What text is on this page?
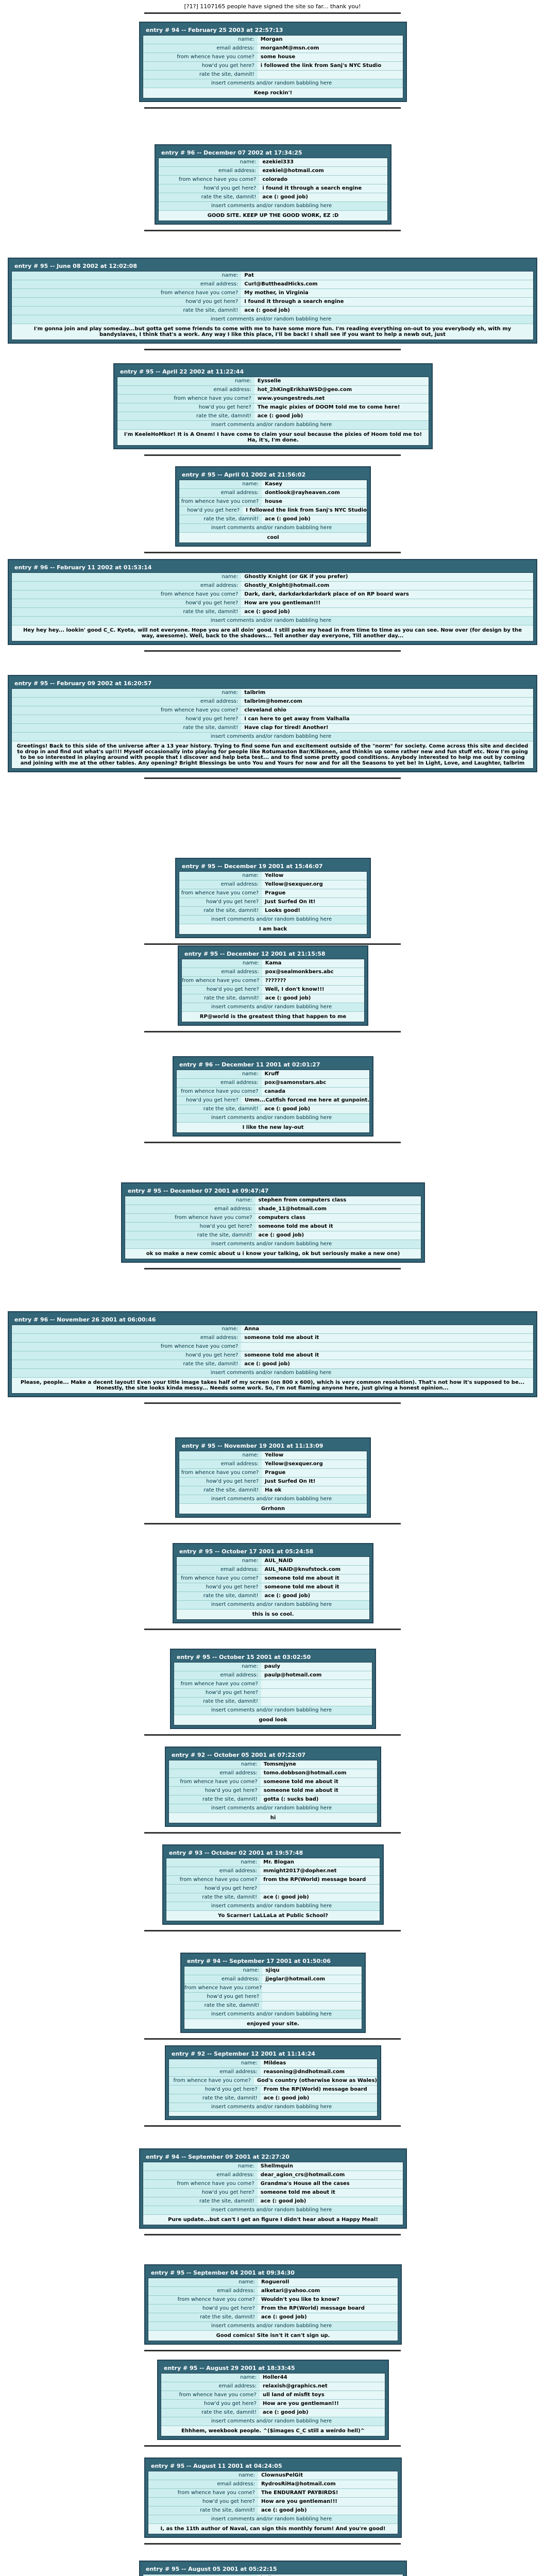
[?1?] 1107165 people have signed the site so far... thank you!
entry # 94 -- February 25 2003 at 22:57:13
name:	Morgan
email address:	morganM@msn.com
from whence have you come?	some house
how'd you get here?	i followed the link from Sanj's NYC Studio
rate the site, damnit!
insert comments and/or random babbling here
Keep rockin'!
entry # 96 -- December 07 2002 at 17:34:25
name:	ezekiel333
email address:	ezekiel@hotmail.com
from whence have you come?	colorado
how'd you get here?	i found it through a search engine
rate the site, damnit!	ace (: good job)
insert comments and/or random babbling here
GOOD SITE. KEEP UP THE GOOD WORK, EZ :D
entry # 95 -- June 08 2002 at 12:02:08
name:	Pat
email address:	Curl@ButtheadHicks.com
from whence have you come?	My mother, in Virginia
how'd you get here?	I found it through a search engine
rate the site, damnit!	ace (: good job)
insert comments and/or random babbling here
I'm gonna join and play someday...but gotta get some friends to come with me to have some more fun. I'm reading everything on-out to you everybody eh, with my bandyslaves, I think that's a work. Any way I like this place, I'll be back! I shall see if you want to help a newb out, just
entry # 95 -- April 22 2002 at 11:22:44
name:	Eysselle
email address:	hot_2hKingErikhaWSD@geo.com
from whence have you come?	www.youngestreds.net
how'd you get here?	The magic pixies of DOOM told me to come here!
rate the site, damnit!	ace (: good job)
insert comments and/or random babbling here
I'm KeeleHoMkor! It is A Onem! I have come to claim your soul because the pixies of Hoom told me to! Ha, it's, I'm done.
entry # 95 -- April 01 2002 at 21:56:02
name:	Kasey
email address:	dontlook@rayheaven.com
from whence have you come?	house
how'd you get here?	I followed the link from Sanj's NYC Studio
rate the site, damnit!	ace (: good job)
insert comments and/or random babbling here
cool
entry # 96 -- February 11 2002 at 01:53:14
name:	Ghostly Knight (or GK if you prefer)
email address:	Ghostly_Knight@hotmail.com
from whence have you come?	Dark, dark, darkdarkdarkdark place of on RP board wars
how'd you get here?	How are you gentleman!!!
rate the site, damnit!	ace (: good job)
insert comments and/or random babbling here
Hey hey hey... lookin' good C_C. Kyota, will not everyone. Hope you are all doin' good. I still poke my head in from time to time as you can see. Now over (for design by the way, awesome). Well, back to the shadows... Tell another day everyone, Till another day...
entry # 95 -- February 09 2002 at 16:20:57
name:	talbrim
email address:	talbrim@homer.com
from whence have you come?	cleveland ohio
how'd you get here?	I can here to get away from Valhalla
rate the site, damnit!	Have clap for tired! Another!
insert comments and/or random babbling here
Greetings! Back to this side of the universe after a 13 year history. Trying to find some fun and excitement outside of the "norm" for society. Come across this site and decided to drop in and find out what's up!!!! Myself occasionally into playing for people like Rotumaston Bar/Kilkonen, and thinkin up some rather new and fun stuff etc. Now I'm going to be so interested in playing around with people that I discover and help beta test... and to find some pretty good conditions. Anybody interested to help me out by coming and joining with me at the other tables. Any opening? Bright Blessings be unto You and Yours for now and for all the Seasons to yet be! In Light, Love, and Laughter, talbrim
entry # 95 -- December 19 2001 at 15:46:07
name:	Yellow
email address:	Yellow@sexquer.org
from whence have you come?	Prague
how'd you get here?	Just Surfed On It!
rate the site, damnit!	Looks good!
insert comments and/or random babbling here
I am back
entry # 95 -- December 12 2001 at 21:15:58
name:	Kama
email address:	pox@sealmonkbers.abc
from whence have you come?	???????
how'd you get here?	Well, I don't know!!!
rate the site, damnit!	ace (: good job)
insert comments and/or random babbling here
RP@world is the greatest thing that happen to me
entry # 96 -- December 11 2001 at 02:01:27
name:	Kruff
email address:	pox@samonstars.abc
from whence have you come?	canada
how'd you get here?	Umm...Catfish forced me here at gunpoint.
rate the site, damnit!	ace (: good job)
insert comments and/or random babbling here
I like the new lay-out
entry # 95 -- December 07 2001 at 09:47:47
name:	stephen from computers class
email address:	shade_11@hotmail.com
from whence have you come?	computers class
how'd you get here?	someone told me about it
rate the site, damnit!	ace (: good job)
insert comments and/or random babbling here
ok so make a new comic about u i know your talking, ok but seriously make a new one)
entry # 96 -- November 26 2001 at 06:00:46
name:	Anna
email address:	someone told me about it
from whence have you come?
how'd you get here?	someone told me about it
rate the site, damnit!	ace (: good job)
insert comments and/or random babbling here
Please, people... Make a decent layout! Even your title image takes half of my screen (on 800 x 600), which is very common resolution). That's not how it's supposed to be... Honestly, the site looks kinda messy... Needs some work. So, I'm not flaming anyone here, just giving a honest opinion...
entry # 95 -- November 19 2001 at 11:13:09
name:	Yellow
email address:	Yellow@sexquer.org
from whence have you come?	Prague
how'd you get here?	Just Surfed On It!
rate the site, damnit!	Ha ok
insert comments and/or random babbling here
Grrhonn
entry # 95 -- October 17 2001 at 05:24:58
name:	AUL_NAID
email address:	AUL_NAID@knufstock.com
from whence have you come?	someone told me about it
how'd you get here?	someone told me about it
rate the site, damnit!	ace (: good job)
insert comments and/or random babbling here
this is so cool.
entry # 95 -- October 15 2001 at 03:02:50
name:	pauly
email address:	paulp@hotmail.com
from whence have you come?
how'd you get here?
rate the site, damnit!
insert comments and/or random babbling here
good look
entry # 92 -- October 05 2001 at 07:22:07
name:	Tomsmjyne
email address:	tomo.dobbson@hotmail.com
from whence have you come?	someone told me about it
how'd you get here?	someone told me about it
rate the site, damnit!	gotta (: sucks bad)
insert comments and/or random babbling here
hi
entry # 93 -- October 02 2001 at 19:57:48
name:	Mr. Blogan
email address:	mmight2017@dopher.net
from whence have you come?	from the RP(World) message board
how'd you get here?
rate the site, damnit!	ace (: good job)
insert comments and/or random babbling here
Yo Scarner! LaLLaLa at Public School?
entry # 94 -- September 17 2001 at 01:50:06
name:	sjiqu
email address:	jjeglar@hotmail.com
from whence have you come?
how'd you get here?
rate the site, damnit!
insert comments and/or random babbling here
enjoyed your site.
entry # 92 -- September 12 2001 at 11:14:24
name:	Mildeas
email address:	reasoning@dndhotmail.com
from whence have you come?	God's country (otherwise know as Wales)
how'd you get here?	From the RP(World) message board
rate the site, damnit!	ace (: good job)
insert comments and/or random babbling here
entry # 94 -- September 09 2001 at 22:27:20
name:	Shellmquin
email address:	dear_agion_crs@hotmail.com
from whence have you come?	Grandma's House all the cases
how'd you get here?	someone told me about it
rate the site, damnit!	ace (: good job)
insert comments and/or random babbling here
Pure update...but can't I get an figure I didn't hear about a Happy Meal!
entry # 95 -- September 04 2001 at 09:34:30
name:	Rogueroll
email address:	alketari@yahoo.com
from whence have you come?	Wouldn't you like to know?
how'd you get here?	From the RP(World) message board
rate the site, damnit!	ace (: good job)
insert comments and/or random babbling here
Good comics! Site isn't it can't sign up.
entry # 95 -- August 29 2001 at 18:33:45
name:	Holler44
email address:	relaxish@graphics.net
from whence have you come?	ull land of misfit toys
how'd you get here?	How are you gentleman!!!
rate the site, damnit!	ace (: good job)
insert comments and/or random babbling here
Ehhhem, weekbook people. ^($images C_C still a weirdo hell)^
entry # 95 -- August 11 2001 at 04:24:05
name:	ClownusPelGit
email address:	RydrosRiHa@hotmail.com
from whence have you come?	The ENDURANT PAYBIRDS!
how'd you get here?	How are you gentleman!!!
rate the site, damnit!	ace (: good job)
insert comments and/or random babbling here
I, as the 11th author of Naval, can sign this monthly forum! And you're good!
entry # 95 -- August 05 2001 at 05:22:15
